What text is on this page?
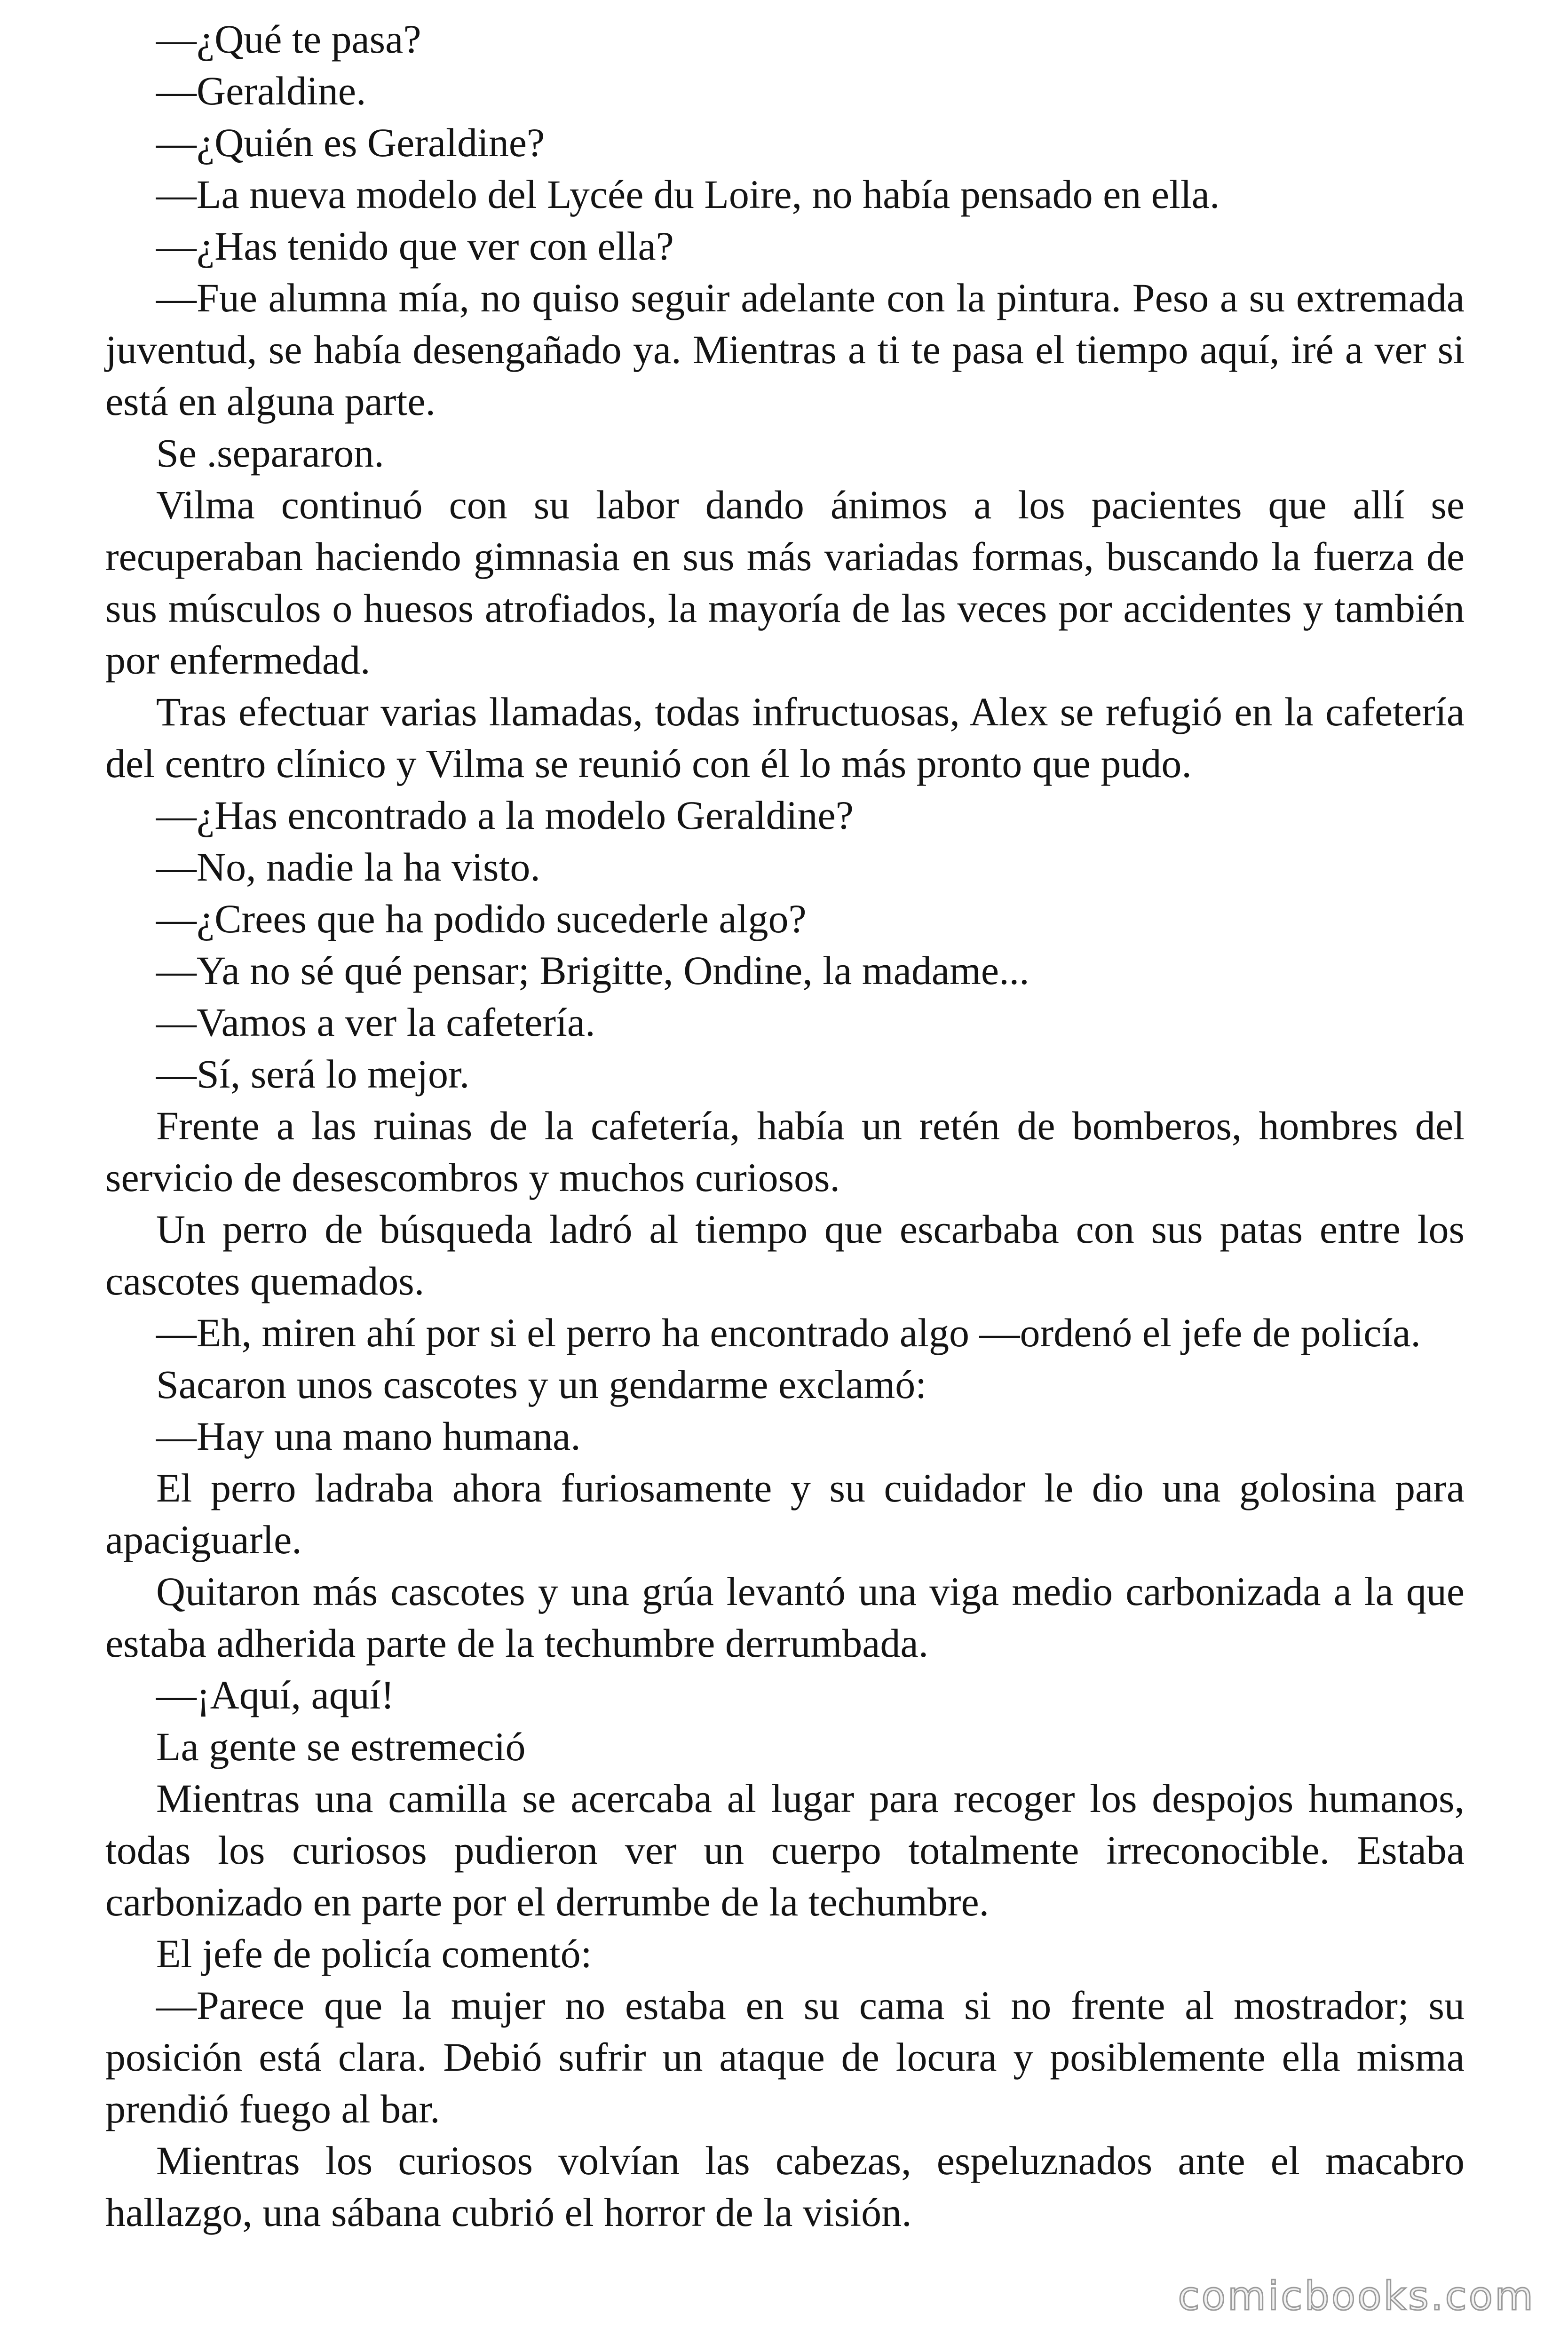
—¿Qué te pasa?

—Geraldine.

—¿Quién es Geraldine?

—La nueva modelo del Lycée du Loire, no había pensado en ella.

—¿Has tenido que ver con ella?

—Fue alumna mía, no quiso seguir adelante con la pintura. Peso a su extremada juventud, se había desengañado ya. Mientras a ti te pasa el tiempo aquí, iré a ver si está en alguna parte.

Se .separaron.

Vilma continuó con su labor dando ánimos a los pacientes que allí se recuperaban haciendo gimnasia en sus más variadas formas, buscando la fuerza de sus músculos o huesos atrofiados, la mayoría de las veces por accidentes y también por enfermedad.

Tras efectuar varias llamadas, todas infructuosas, Alex se refugió en la cafetería del centro clínico y Vilma se reunió con él lo más pronto que pudo.

—¿Has encontrado a la modelo Geraldine?

—No, nadie la ha visto.

—¿Crees que ha podido sucederle algo?

—Ya no sé qué pensar; Brigitte, Ondine, la madame...

—Vamos a ver la cafetería.

—Sí, será lo mejor.

Frente a las ruinas de la cafetería, había un retén de bomberos, hombres del servicio de desescombros y muchos curiosos.

Un perro de búsqueda ladró al tiempo que escarbaba con sus patas entre los cascotes quemados.

—Eh, miren ahí por si el perro ha encontrado algo —ordenó el jefe de policía.

Sacaron unos cascotes y un gendarme exclamó:

—Hay una mano humana.

El perro ladraba ahora furiosamente y su cuidador le dio una golosina para apaciguarle.

Quitaron más cascotes y una grúa levantó una viga medio carbonizada a la que estaba adherida parte de la techumbre derrumbada.

—¡Aquí, aquí!

La gente se estremeció

Mientras una camilla se acercaba al lugar para recoger los despojos humanos, todas los curiosos pudieron ver un cuerpo totalmente irreconocible. Estaba carbonizado en parte por el derrumbe de la techumbre.

El jefe de policía comentó:

—Parece que la mujer no estaba en su cama si no frente al mostrador; su posición está clara. Debió sufrir un ataque de locura y posiblemente ella misma prendió fuego al bar.

Mientras los curiosos volvían las cabezas, espeluznados ante el macabro hallazgo, una sábana cubrió el horror de la visión.

comicbooks.com
